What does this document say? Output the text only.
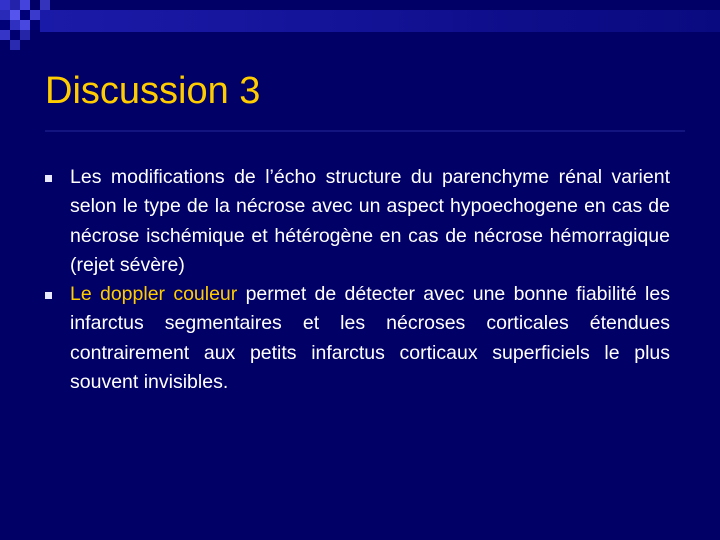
Discussion 3
Les modifications de l’écho structure du parenchyme rénal varient selon le type de la nécrose avec un aspect hypoechogene en cas de nécrose ischémique et hétérogène en cas de nécrose hémorragique (rejet sévère)
Le doppler couleur permet de détecter avec une bonne fiabilité les infarctus segmentaires et les nécroses corticales étendues contrairement aux petits infarctus corticaux superficiels le plus souvent invisibles.
